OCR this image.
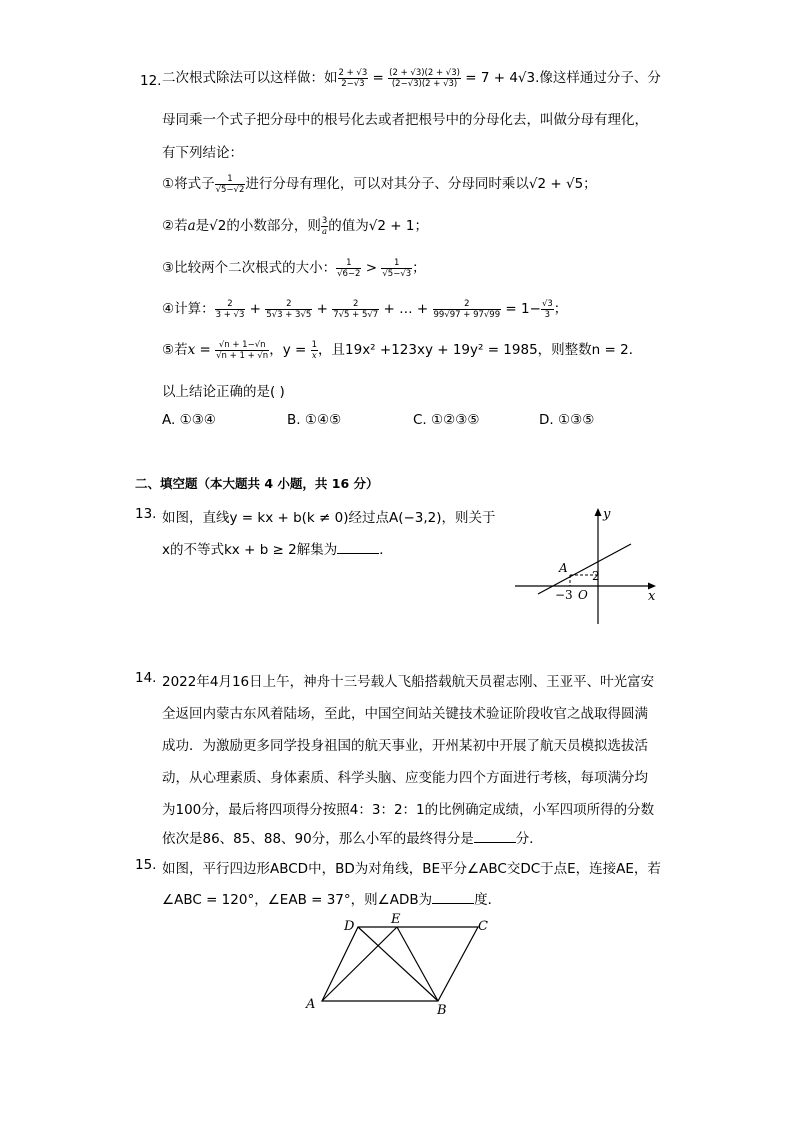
12. 二次根式除法可以这样做：如 $\frac{2 + √3}{2-√3} = \frac{(2 + √3)(2 + √3)}{(2-√3)(2 + √3)} = 7 + 4√3$.像这样通过分子、分
母同乘一个式子把分母中的根号化去或者把根号中的分母化去，叫做分母有理化，
有下列结论：
①将式子 $\frac{1}{√5-√2}$ 进行分母有理化，可以对其分子、分母同时乘以√2 + √5；
②若a是√2的小数部分，则 $\frac{3}{a}$ 的值为√2 + 1；
③比较两个二次根式的大小： $\frac{1}{√6-2} > \frac{1}{√5-√3}$ ；
④计算： $\frac{2}{3 + √3} + \frac{2}{5√3 + 3√5} + \frac{2}{7√5 + 5√7}$ + … + $\frac{2}{99√97 + 97√99} = 1- \frac{√3}{3}$ ；
⑤若$x = \frac{√n + 1-√n}{√n + 1 + √n}$ ，$y = \frac{1}{x}$ ，且19x² +123xy + 19y² = 1985，则整数n = 2．
以上结论正确的是( )
A. ①③④	B. ①④⑤	C. ①②③⑤	D. ①③⑤
二、填空题（本大题共 4 小题，共 16 分）
13. 如图，直线y = kx + b(k ≠ 0)经过点A(−3,2)，则关于
x的不等式kx + b ≥ 2解集为	．
y
x
A
2
−3 O
14. 2022年4月16日上午，神舟十三号载人飞船搭载航天员翟志刚、王亚平、叶光富安
全返回内蒙古东风着陆场，至此，中国空间站关键技术验证阶段收官之战取得圆满
成功．为激励更多同学投身祖国的航天事业，开州某初中开展了航天员模拟选拔活
动，从心理素质、身体素质、科学头脑、应变能力四个方面进行考核，每项满分均
为100分，最后将四项得分按照4：3：2：1的比例确定成绩，小军四项所得的分数
依次是86、85、88、90分，那么小军的最终得分是	分．
15. 如图，平行四边形ABCD中，BD为对角线，BE平分∠ABC交DC于点E，连接AE，若
∠ABC = 120°，∠EAB = 37°，则∠ADB为	度．
D	E	C
A	B
